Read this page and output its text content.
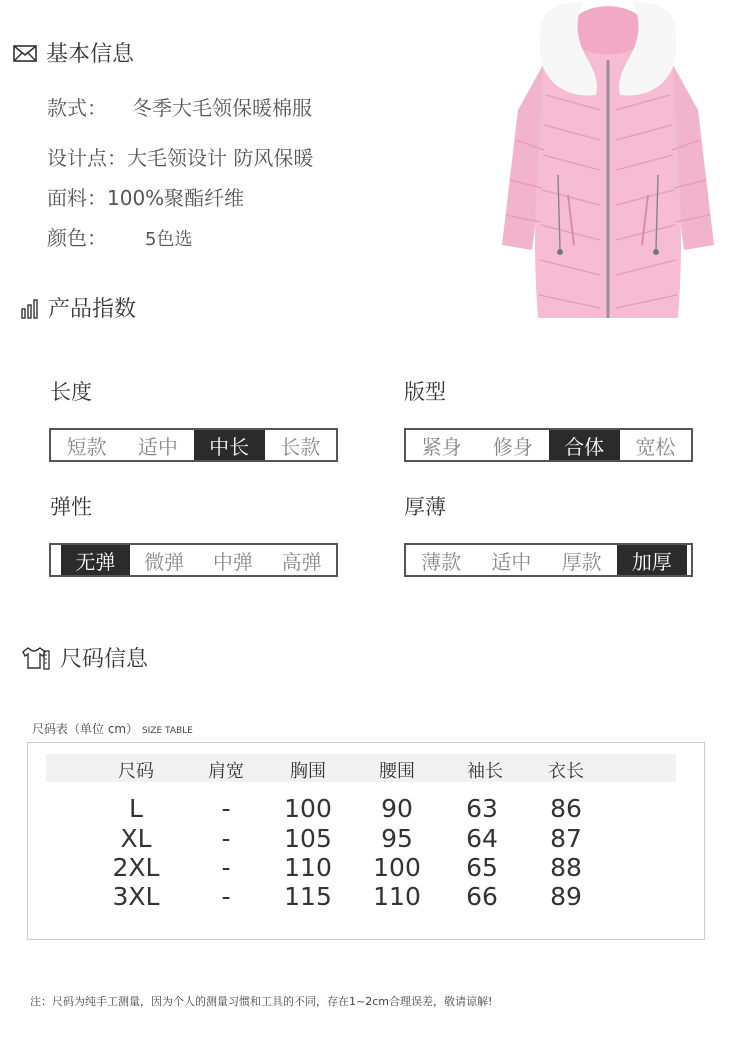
基本信息
款式： 冬季大毛领保暖棉服
设计点：大毛领设计 防风保暖
面料：100%聚酯纤维
颜色： 5色选
产品指数
长度
短款	适中	中长	长款
版型
紧身	修身	合体	宽松
弹性
无弹	微弹	中弹	高弹
厚薄
薄款	适中	厚款	加厚
尺码信息
尺码表（单位 cm） SIZE TABLE
尺码	肩宽	胸围	腰围	袖长	衣长
L	- 100 90 63 86
XL	- 105 95 64 87
2XL - 110 100 65 88
3XL - 115 110 66 89
注：尺码为纯手工测量，因为个人的测量习惯和工具的不同，存在1~2cm合理误差，敬请谅解!
